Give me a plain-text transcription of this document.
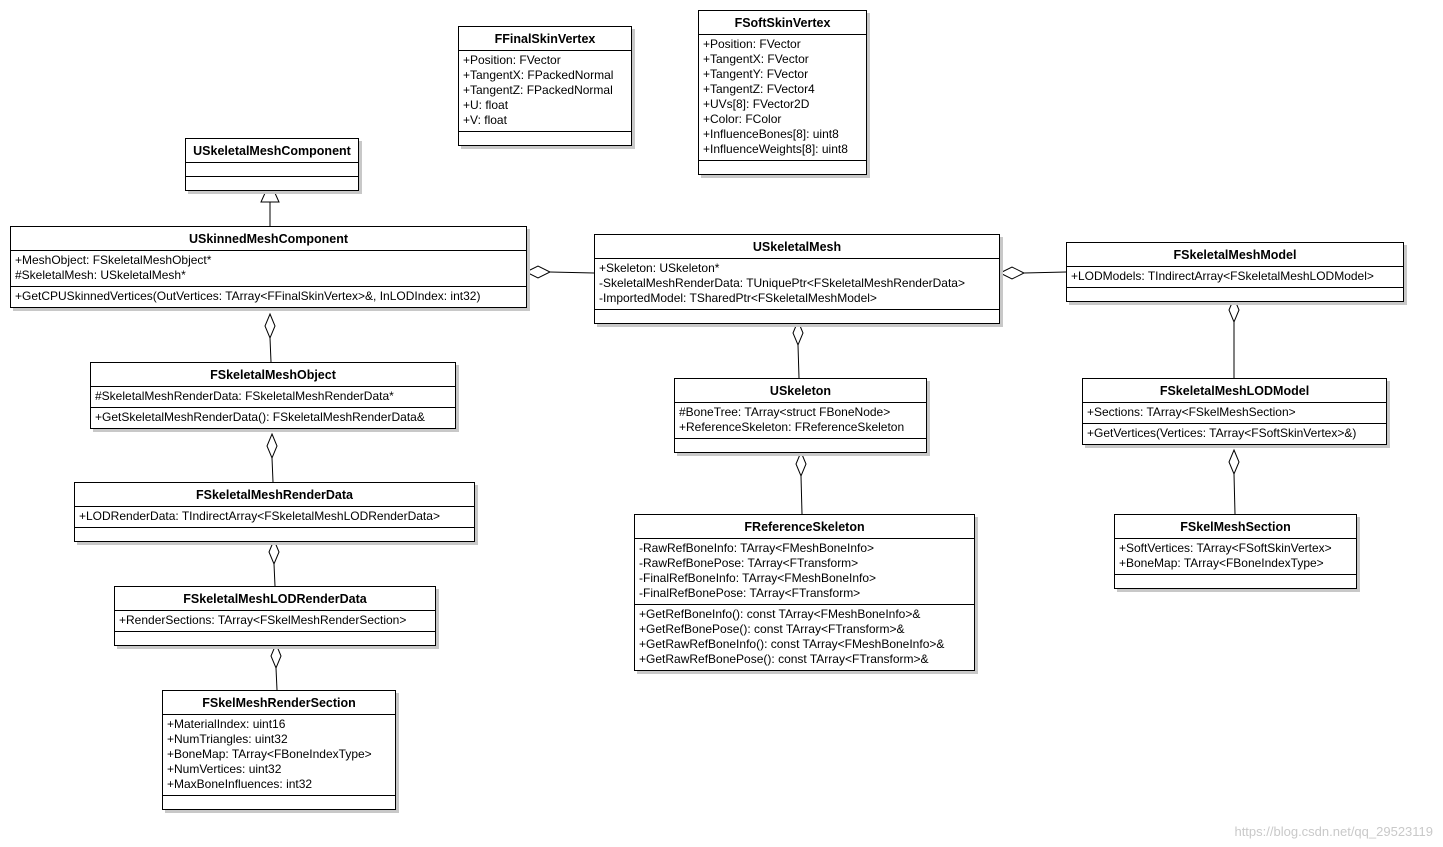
FFinalSkinVertex
+Position: FVector
+TangentX: FPackedNormal
+TangentZ: FPackedNormal
+U: float
+V: float
FSoftSkinVertex
+Position: FVector
+TangentX: FVector
+TangentY: FVector
+TangentZ: FVector4
+UVs[8]: FVector2D
+Color: FColor
+InfluenceBones[8]: uint8
+InfluenceWeights[8]: uint8
USkeletalMeshComponent
USkinnedMeshComponent
+MeshObject: FSkeletalMeshObject*
#SkeletalMesh: USkeletalMesh*
+GetCPUSkinnedVertices(OutVertices: TArray<FFinalSkinVertex>&, InLODIndex: int32)
USkeletalMesh
+Skeleton: USkeleton*
-SkeletalMeshRenderData: TUniquePtr<FSkeletalMeshRenderData>
-ImportedModel: TSharedPtr<FSkeletalMeshModel>
FSkeletalMeshModel
+LODModels: TIndirectArray<FSkeletalMeshLODModel>
FSkeletalMeshObject
#SkeletalMeshRenderData: FSkeletalMeshRenderData*
+GetSkeletalMeshRenderData(): FSkeletalMeshRenderData&
USkeleton
#BoneTree: TArray<struct FBoneNode>
+ReferenceSkeleton: FReferenceSkeleton
FSkeletalMeshLODModel
+Sections: TArray<FSkelMeshSection>
+GetVertices(Vertices: TArray<FSoftSkinVertex>&)
FSkeletalMeshRenderData
+LODRenderData: TIndirectArray<FSkeletalMeshLODRenderData>
FReferenceSkeleton
-RawRefBoneInfo: TArray<FMeshBoneInfo>
-RawRefBonePose: TArray<FTransform>
-FinalRefBoneInfo: TArray<FMeshBoneInfo>
-FinalRefBonePose: TArray<FTransform>
+GetRefBoneInfo(): const TArray<FMeshBoneInfo>&
+GetRefBonePose(): const TArray<FTransform>&
+GetRawRefBoneInfo(): const TArray<FMeshBoneInfo>&
+GetRawRefBonePose(): const TArray<FTransform>&
FSkelMeshSection
+SoftVertices: TArray<FSoftSkinVertex>
+BoneMap: TArray<FBoneIndexType>
FSkeletalMeshLODRenderData
+RenderSections: TArray<FSkelMeshRenderSection>
FSkelMeshRenderSection
+MaterialIndex: uint16
+NumTriangles: uint32
+BoneMap: TArray<FBoneIndexType>
+NumVertices: uint32
+MaxBoneInfluences: int32
https://blog.csdn.net/qq_29523119
